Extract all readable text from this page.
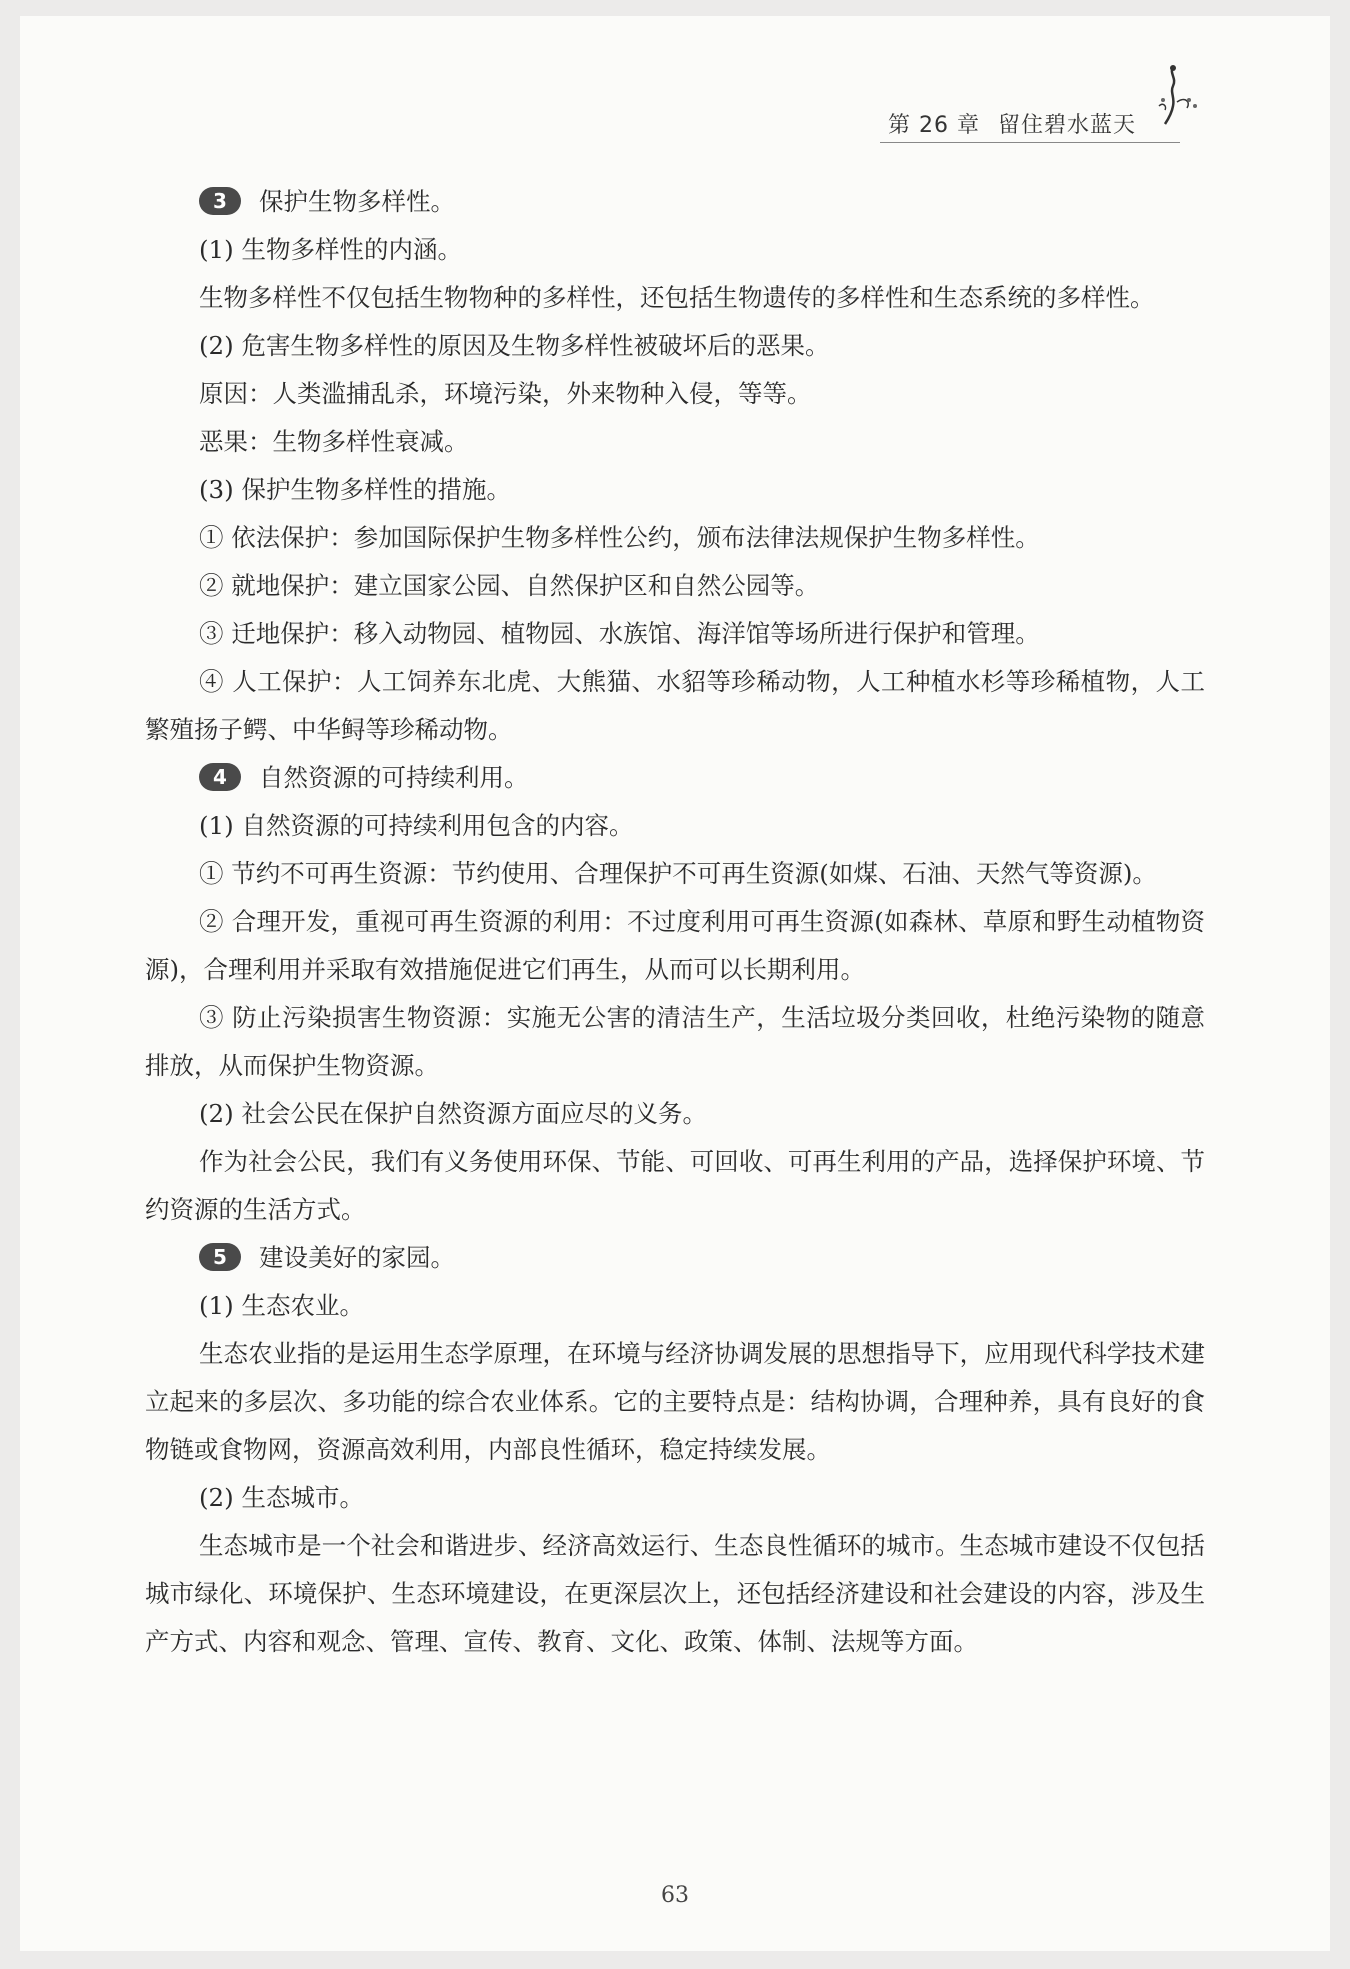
第 26 章 留住碧水蓝天

3 保护生物多样性。

(1) 生物多样性的内涵。

生物多样性不仅包括生物物种的多样性，还包括生物遗传的多样性和生态系统的多样性。

(2) 危害生物多样性的原因及生物多样性被破坏后的恶果。

原因：人类滥捕乱杀，环境污染，外来物种入侵，等等。

恶果：生物多样性衰减。

(3) 保护生物多样性的措施。

① 依法保护：参加国际保护生物多样性公约，颁布法律法规保护生物多样性。

② 就地保护：建立国家公园、自然保护区和自然公园等。

③ 迁地保护：移入动物园、植物园、水族馆、海洋馆等场所进行保护和管理。

④ 人工保护：人工饲养东北虎、大熊猫、水貂等珍稀动物，人工种植水杉等珍稀植物，人工繁殖扬子鳄、中华鲟等珍稀动物。

4 自然资源的可持续利用。

(1) 自然资源的可持续利用包含的内容。

① 节约不可再生资源：节约使用、合理保护不可再生资源(如煤、石油、天然气等资源)。

② 合理开发，重视可再生资源的利用：不过度利用可再生资源(如森林、草原和野生动植物资源)，合理利用并采取有效措施促进它们再生，从而可以长期利用。

③ 防止污染损害生物资源：实施无公害的清洁生产，生活垃圾分类回收，杜绝污染物的随意排放，从而保护生物资源。

(2) 社会公民在保护自然资源方面应尽的义务。

作为社会公民，我们有义务使用环保、节能、可回收、可再生利用的产品，选择保护环境、节约资源的生活方式。

5 建设美好的家园。

(1) 生态农业。

生态农业指的是运用生态学原理，在环境与经济协调发展的思想指导下，应用现代科学技术建立起来的多层次、多功能的综合农业体系。它的主要特点是：结构协调，合理种养，具有良好的食物链或食物网，资源高效利用，内部良性循环，稳定持续发展。

(2) 生态城市。

生态城市是一个社会和谐进步、经济高效运行、生态良性循环的城市。生态城市建设不仅包括城市绿化、环境保护、生态环境建设，在更深层次上，还包括经济建设和社会建设的内容，涉及生产方式、内容和观念、管理、宣传、教育、文化、政策、体制、法规等方面。

63
